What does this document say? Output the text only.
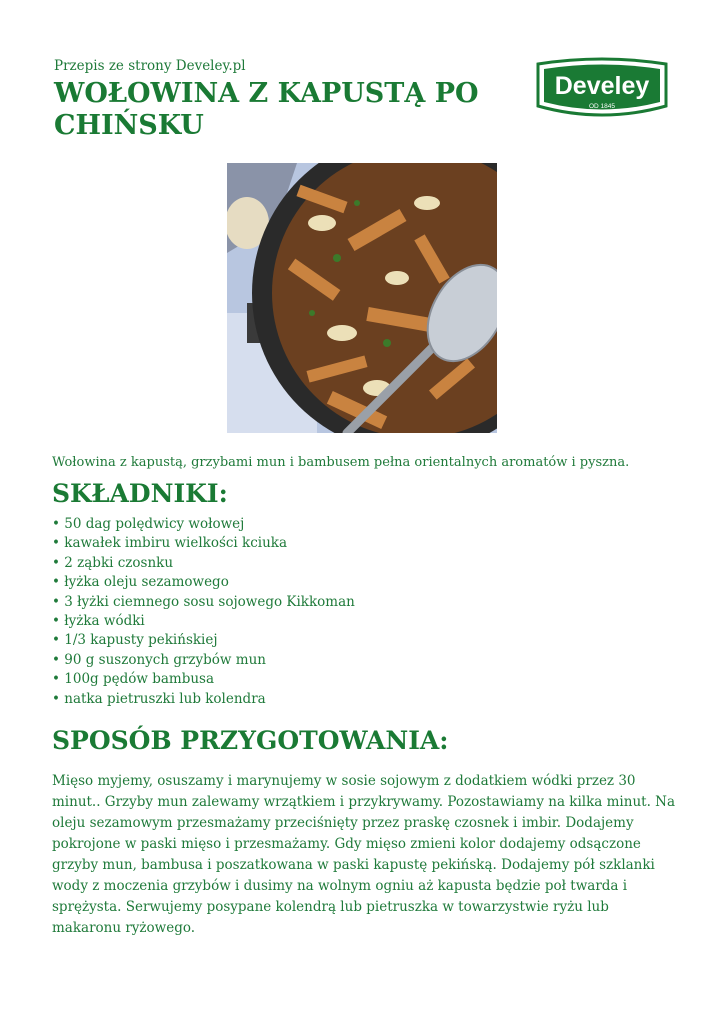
Przepis ze strony Develey.pl
WOŁOWINA Z KAPUSTĄ PO CHIŃSKU
Develey
OD 1845
Wołowina z kapustą, grzybami mun i bambusem pełna orientalnych aromatów i pyszna.
SKŁADNIKI:
• 50 dag polędwicy wołowej
• kawałek imbiru wielkości kciuka
• 2 ząbki czosnku
• łyżka oleju sezamowego
• 3 łyżki ciemnego sosu sojowego Kikkoman
• łyżka wódki
• 1/3 kapusty pekińskiej
• 90 g suszonych grzybów mun
• 100g pędów bambusa
• natka pietruszki lub kolendra
SPOSÓB PRZYGOTOWANIA:

Mięso myjemy, osuszamy i marynujemy w sosie sojowym z dodatkiem wódki przez 30 minut.. Grzyby mun zalewamy wrzątkiem i przykrywamy. Pozostawiamy na kilka minut. Na oleju sezamowym przesmażamy przeciśnięty przez praskę czosnek i imbir. Dodajemy pokrojone w paski mięso i przesmażamy. Gdy mięso zmieni kolor dodajemy odsączone grzyby mun, bambusa i poszatkowana w paski kapustę pekińską. Dodajemy pół szklanki wody z moczenia grzybów i dusimy na wolnym ogniu aż kapusta będzie poł twarda i sprężysta. Serwujemy posypane kolendrą lub pietruszka w towarzystwie ryżu lub makaronu ryżowego.
